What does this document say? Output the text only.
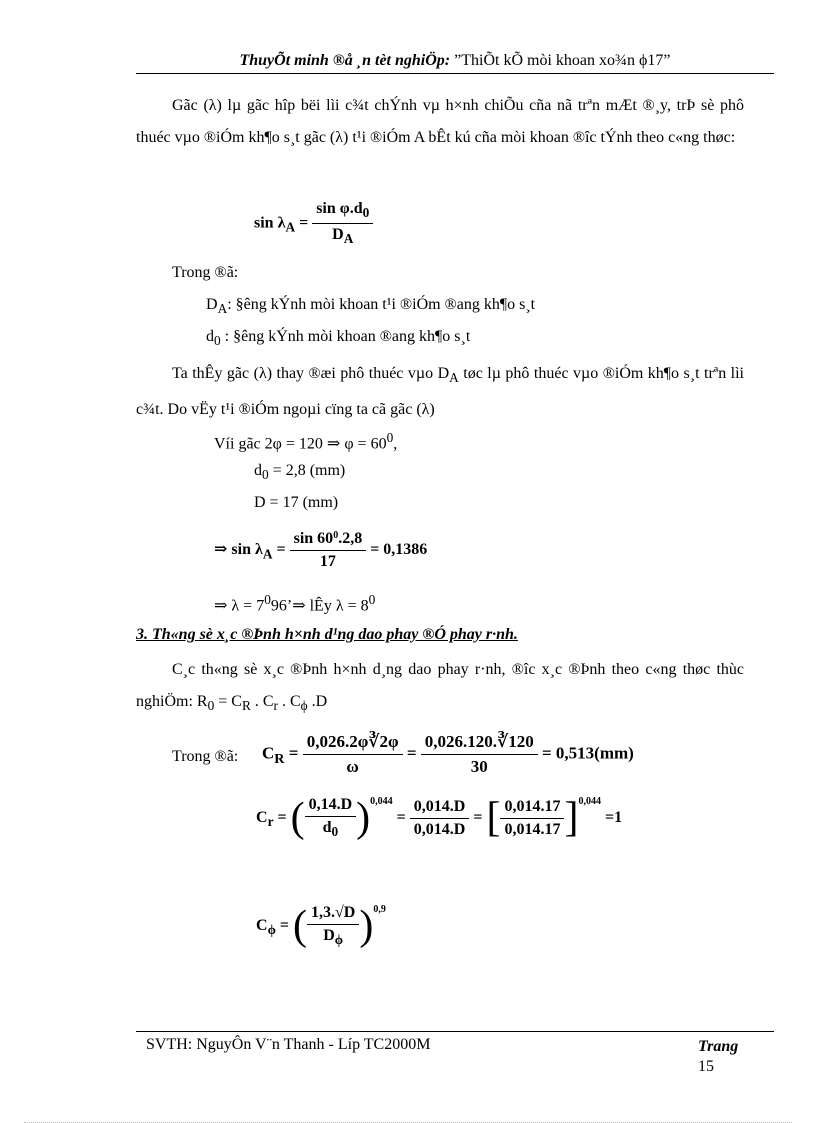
ThuyÕt minh ®å ¸n tèt nghiÖp: ”ThiÕt kÕ mòi khoan xo¾n ϕ17”
Gãc (λ) lµ gãc hîp bëi lìi c¾t chÝnh vµ h×nh chiÕu cña nã trªn mÆt ®¸y, trÞ sè phô thuéc vµo ®iÓm kh¶o s¸t gãc (λ) t¹i ®iÓm A bÊt kú cña mòi khoan ®îc tÝnh theo c«ng thøc:
$\sin \lambda_A = \frac{\sin \varphi.d_0}{D_A}$
Trong ®ã:
$D_A$: §êng kÝnh mòi khoan t¹i ®iÓm ®ang kh¶o s¸t
$d_0$ : §êng kÝnh mòi khoan ®ang kh¶o s¸t
Ta thÊy gãc (λ) thay ®æi phô thuéc vµo $D_A$ tøc lµ phô thuéc vµo ®iÓm kh¶o s¸t trªn lìi c¾t. Do vËy t¹i ®iÓm ngoµi cïng ta cã gãc (λ)
Víi gãc 2φ = 120 ⇒ $\varphi = 60^0$,
$d_0 = 2,8$ (mm)
D = 17 (mm)
⇒ $\sin \lambda_A = \frac{\sin 60^0.2,8}{17} = 0,1386$
⇒ $\lambda = 7^096’\Rightarrow$ lÊy $\lambda = 8^0$
3. Th«ng sè x¸c ®Þnh h×nh d¹ng dao phay ®Ó phay r·nh.
C¸c th«ng sè x¸c ®Þnh h×nh d¸ng dao phay r·nh, ®îc x¸c ®Þnh theo c«ng thøc thùc nghiÖm: $R_0 = C_R$ . $C_r$ . $C_\phi$ .D
Trong ®ã: $C_R = \frac{0,026.2\varphi∛2\varphi}{\omega} = \frac{0,026.120.∛120}{30} = 0,513(mm)$
$C_r$ = ( $\frac{0,14.D}{d_0} )^{0,044} = \frac{0,014.D}{0,014.D}$ = [ $\frac{0,014.17}{0,014.17} ]^{0,044} =1$
$C_\phi$ = ( $\frac{1,3.√D}{D_\phi} )^{0,9}$
SVTH: NguyÔn V¨n Thanh - Líp TC2000M	Trang
15
